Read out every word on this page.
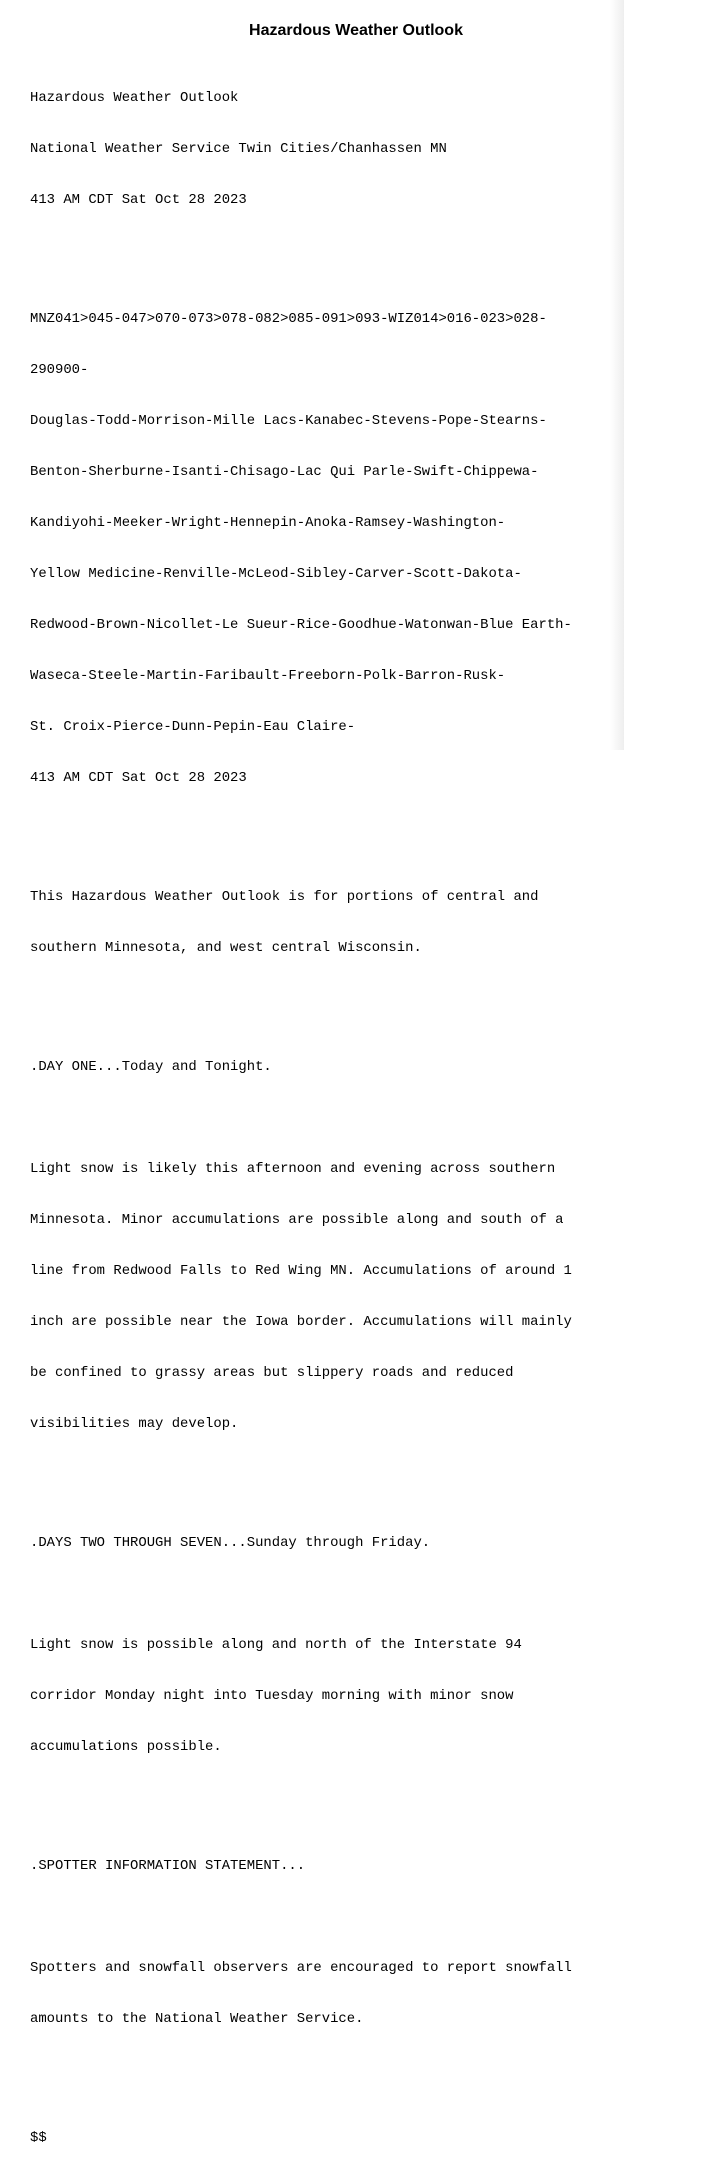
Hazardous Weather Outlook

Hazardous Weather Outlook

National Weather Service Twin Cities/Chanhassen MN

413 AM CDT Sat Oct 28 2023

MNZ041>045-047>070-073>078-082>085-091>093-WIZ014>016-023>028-

290900-

Douglas-Todd-Morrison-Mille Lacs-Kanabec-Stevens-Pope-Stearns-

Benton-Sherburne-Isanti-Chisago-Lac Qui Parle-Swift-Chippewa-

Kandiyohi-Meeker-Wright-Hennepin-Anoka-Ramsey-Washington-

Yellow Medicine-Renville-McLeod-Sibley-Carver-Scott-Dakota-

Redwood-Brown-Nicollet-Le Sueur-Rice-Goodhue-Watonwan-Blue Earth-

Waseca-Steele-Martin-Faribault-Freeborn-Polk-Barron-Rusk-

St. Croix-Pierce-Dunn-Pepin-Eau Claire-

413 AM CDT Sat Oct 28 2023

This Hazardous Weather Outlook is for portions of central and

southern Minnesota, and west central Wisconsin.

.DAY ONE...Today and Tonight.

Light snow is likely this afternoon and evening across southern

Minnesota. Minor accumulations are possible along and south of a

line from Redwood Falls to Red Wing MN. Accumulations of around 1

inch are possible near the Iowa border. Accumulations will mainly

be confined to grassy areas but slippery roads and reduced

visibilities may develop.

.DAYS TWO THROUGH SEVEN...Sunday through Friday.

Light snow is possible along and north of the Interstate 94

corridor Monday night into Tuesday morning with minor snow

accumulations possible.

.SPOTTER INFORMATION STATEMENT...

Spotters and snowfall observers are encouraged to report snowfall

amounts to the National Weather Service.

$$
